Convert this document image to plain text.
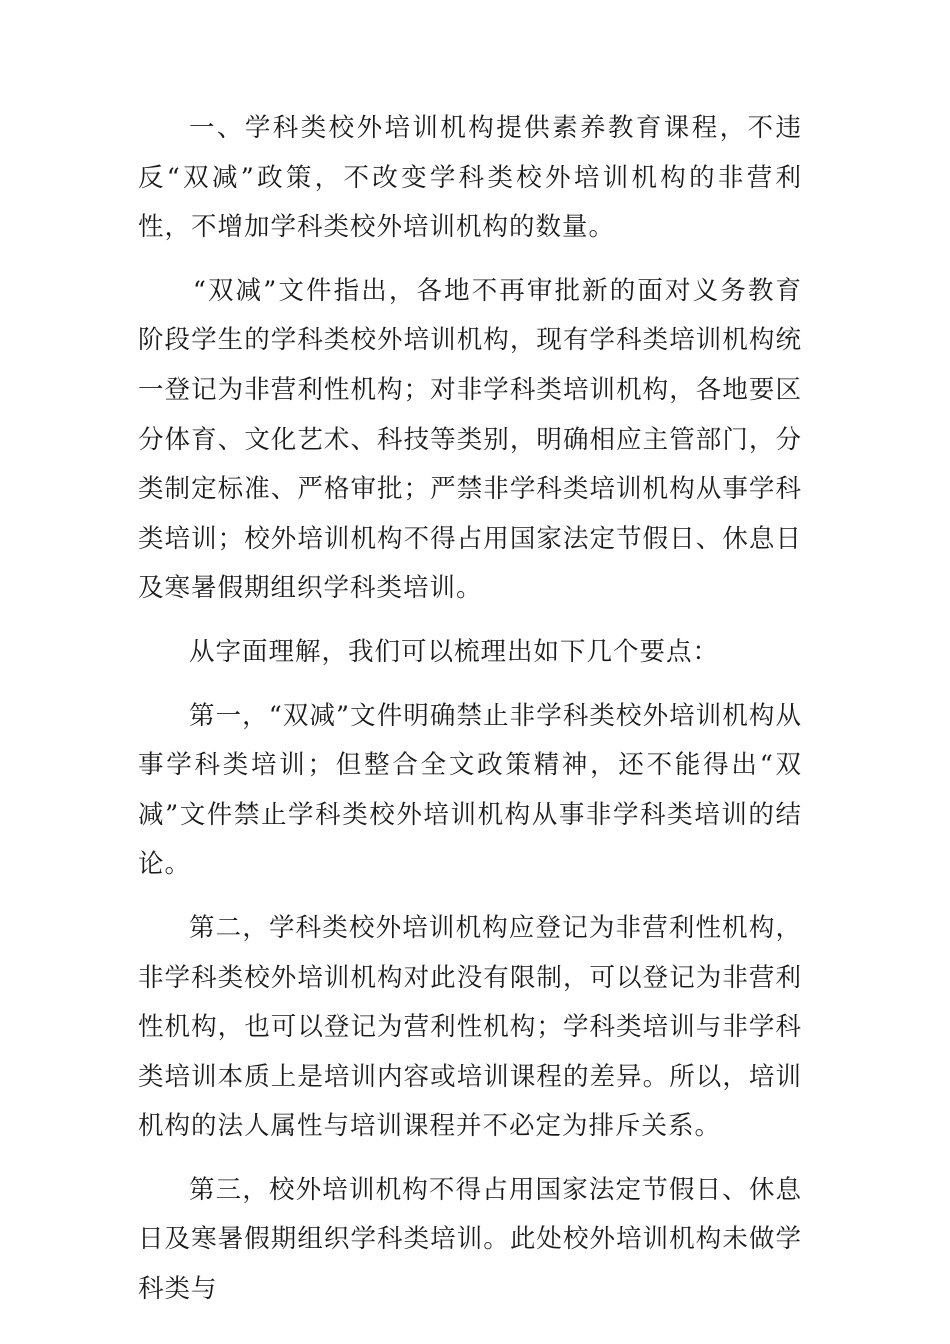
一、学科类校外培训机构提供素养教育课程，不违反“双减”政策，不改变学科类校外培训机构的非营利性，不增加学科类校外培训机构的数量。

“双减”文件指出，各地不再审批新的面对义务教育阶段学生的学科类校外培训机构，现有学科类培训机构统一登记为非营利性机构；对非学科类培训机构，各地要区分体育、文化艺术、科技等类别，明确相应主管部门，分类制定标准、严格审批；严禁非学科类培训机构从事学科类培训；校外培训机构不得占用国家法定节假日、休息日及寒暑假期组织学科类培训。

从字面理解，我们可以梳理出如下几个要点：

第一，“双减”文件明确禁止非学科类校外培训机构从事学科类培训；但整合全文政策精神，还不能得出“双减”文件禁止学科类校外培训机构从事非学科类培训的结论。

第二，学科类校外培训机构应登记为非营利性机构，非学科类校外培训机构对此没有限制，可以登记为非营利性机构，也可以登记为营利性机构；学科类培训与非学科类培训本质上是培训内容或培训课程的差异。所以，培训机构的法人属性与培训课程并不必定为排斥关系。

第三，校外培训机构不得占用国家法定节假日、休息日及寒暑假期组织学科类培训。此处校外培训机构未做学科类与
